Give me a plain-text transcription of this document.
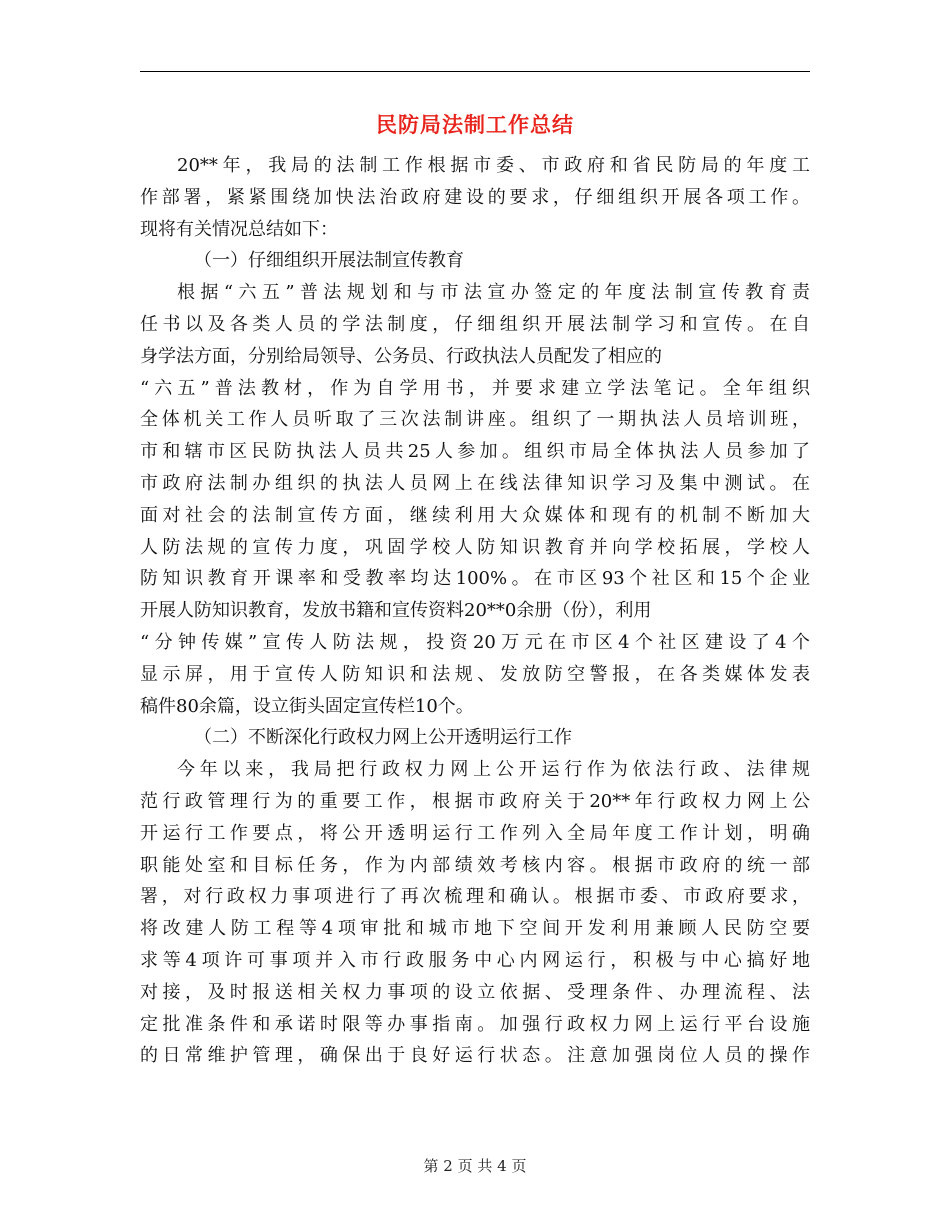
民防局法制工作总结
20**年，我局的法制工作根据市委、市政府和省民防局的年度工
作部署，紧紧围绕加快法治政府建设的要求，仔细组织开展各项工作。
现将有关情况总结如下：
（一）仔细组织开展法制宣传教育
根据“六五”普法规划和与市法宣办签定的年度法制宣传教育责
任书以及各类人员的学法制度，仔细组织开展法制学习和宣传。在自
身学法方面，分别给局领导、公务员、行政执法人员配发了相应的
“六五”普法教材，作为自学用书，并要求建立学法笔记。全年组织
全体机关工作人员听取了三次法制讲座。组织了一期执法人员培训班，
市和辖市区民防执法人员共25人参加。组织市局全体执法人员参加了
市政府法制办组织的执法人员网上在线法律知识学习及集中测试。在
面对社会的法制宣传方面，继续利用大众媒体和现有的机制不断加大
人防法规的宣传力度，巩固学校人防知识教育并向学校拓展，学校人
防知识教育开课率和受教率均达100%。在市区93个社区和15个企业
开展人防知识教育，发放书籍和宣传资料20**0余册（份），利用
“分钟传媒”宣传人防法规，投资20万元在市区4个社区建设了4个
显示屏，用于宣传人防知识和法规、发放防空警报，在各类媒体发表
稿件80余篇，设立街头固定宣传栏10个。
（二）不断深化行政权力网上公开透明运行工作
今年以来，我局把行政权力网上公开运行作为依法行政、法律规
范行政管理行为的重要工作，根据市政府关于20**年行政权力网上公
开运行工作要点，将公开透明运行工作列入全局年度工作计划，明确
职能处室和目标任务，作为内部绩效考核内容。根据市政府的统一部
署，对行政权力事项进行了再次梳理和确认。根据市委、市政府要求，
将改建人防工程等4项审批和城市地下空间开发利用兼顾人民防空要
求等4项许可事项并入市行政服务中心内网运行，积极与中心搞好地
对接，及时报送相关权力事项的设立依据、受理条件、办理流程、法
定批准条件和承诺时限等办事指南。加强行政权力网上运行平台设施
的日常维护管理，确保出于良好运行状态。注意加强岗位人员的操作
第 2 页 共 4 页
